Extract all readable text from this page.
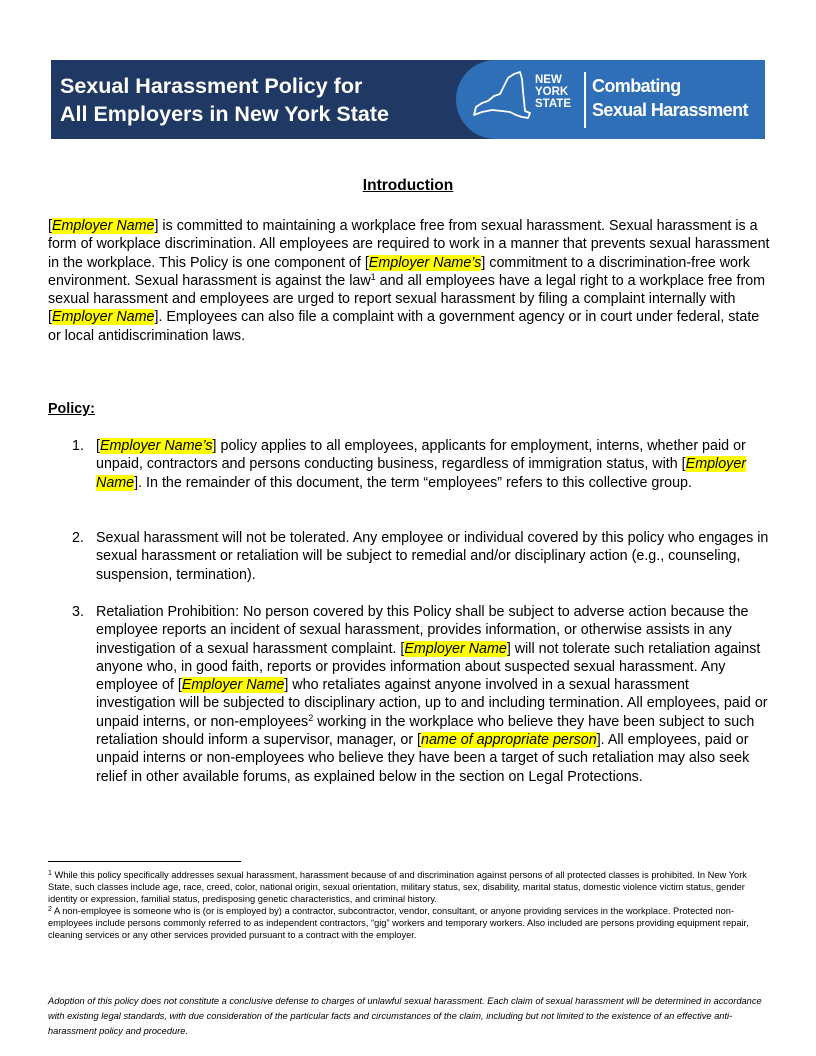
Sexual Harassment Policy for
All Employers in New York State
NEW
YORK
STATE
Combating
Sexual Harassment
Introduction

[Employer Name] is committed to maintaining a workplace free from sexual harassment. Sexual harassment is a form of workplace discrimination. All employees are required to work in a manner that prevents sexual harassment in the workplace. This Policy is one component of [Employer Name’s] commitment to a discrimination-free work environment. Sexual harassment is against the law$^1$ and all employees have a legal right to a workplace free from sexual harassment and employees are urged to report sexual harassment by filing a complaint internally with [Employer Name]. Employees can also file a complaint with a government agency or in court under federal, state or local antidiscrimination laws.

Policy:
1. [Employer Name’s] policy applies to all employees, applicants for employment, interns, whether paid or unpaid, contractors and persons conducting business, regardless of immigration status, with [Employer Name]. In the remainder of this document, the term “employees” refers to this collective group.
2. Sexual harassment will not be tolerated. Any employee or individual covered by this policy who engages in sexual harassment or retaliation will be subject to remedial and/or disciplinary action (e.g., counseling, suspension, termination).
3. Retaliation Prohibition: No person covered by this Policy shall be subject to adverse action because the employee reports an incident of sexual harassment, provides information, or otherwise assists in any investigation of a sexual harassment complaint. [Employer Name] will not tolerate such retaliation against anyone who, in good faith, reports or provides information about suspected sexual harassment. Any employee of [Employer Name] who retaliates against anyone involved in a sexual harassment investigation will be subjected to disciplinary action, up to and including termination. All employees, paid or unpaid interns, or non-employees$^2$ working in the workplace who believe they have been subject to such retaliation should inform a supervisor, manager, or [name of appropriate person]. All employees, paid or unpaid interns or non-employees who believe they have been a target of such retaliation may also seek relief in other available forums, as explained below in the section on Legal Protections.

$^1$ While this policy specifically addresses sexual harassment, harassment because of and discrimination against persons of all protected classes is prohibited. In New York State, such classes include age, race, creed, color, national origin, sexual orientation, military status, sex, disability, marital status, domestic violence victim status, gender identity or expression, familial status, predisposing genetic characteristics, and criminal history.

$^2$ A non-employee is someone who is (or is employed by) a contractor, subcontractor, vendor, consultant, or anyone providing services in the workplace. Protected non-employees include persons commonly referred to as independent contractors, “gig” workers and temporary workers. Also included are persons providing equipment repair, cleaning services or any other services provided pursuant to a contract with the employer.

Adoption of this policy does not constitute a conclusive defense to charges of unlawful sexual harassment. Each claim of sexual harassment will be determined in accordance with existing legal standards, with due consideration of the particular facts and circumstances of the claim, including but not limited to the existence of an effective anti-harassment policy and procedure.
